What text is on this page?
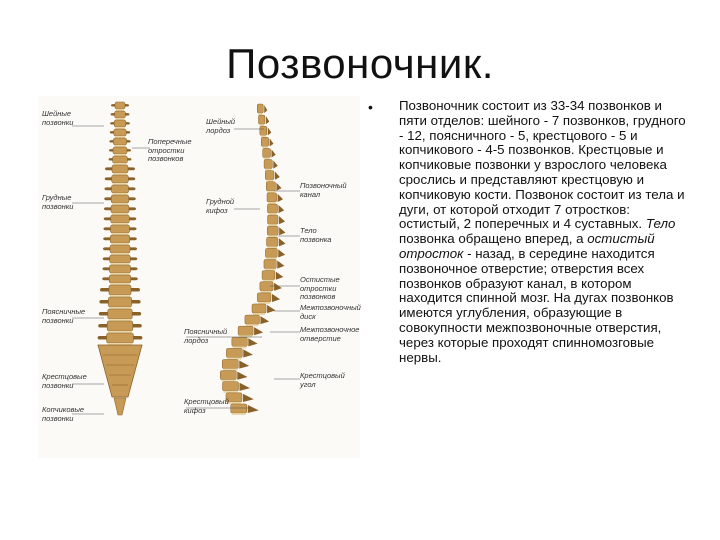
Позвоночник.
Шейные
позвонки
Грудные
позвонки
Поясничные
позвонки
Крестцовые
позвонки
Копчиковые
позвонки
Поперечные
отростки
позвонков
Шейный
лордоз
Грудной
кифоз
Поясничный
лордоз
Крестцовый
кифоз
Позвоночный
канал
Тело
позвонка
Остистые
отростки
позвонков
Межпозвоночный
диск
Межпозвоночное
отверстие
Крестцовый
угол
• Позвоночник состоит из 33-34 позвонков и пяти отделов: шейного - 7 позвонков, грудного - 12, поясничного - 5, крестцового - 5 и копчикового - 4-5 позвонков. Крестцовые и копчиковые позвонки у взрослого человека срослись и представляют крестцовую и копчиковую кости. Позвонок состоит из тела и дуги, от которой отходит 7 отростков: остистый, 2 поперечных и 4 суставных. Тело позвонка обращено вперед, а остистый отросток - назад, в середине находится позвоночное отверстие; отверстия всех позвонков образуют канал, в котором находится спинной мозг. На дугах позвонков имеются углубления, образующие в совокупности межпозвоночные отверстия, через которые проходят спинномозговые нервы.
